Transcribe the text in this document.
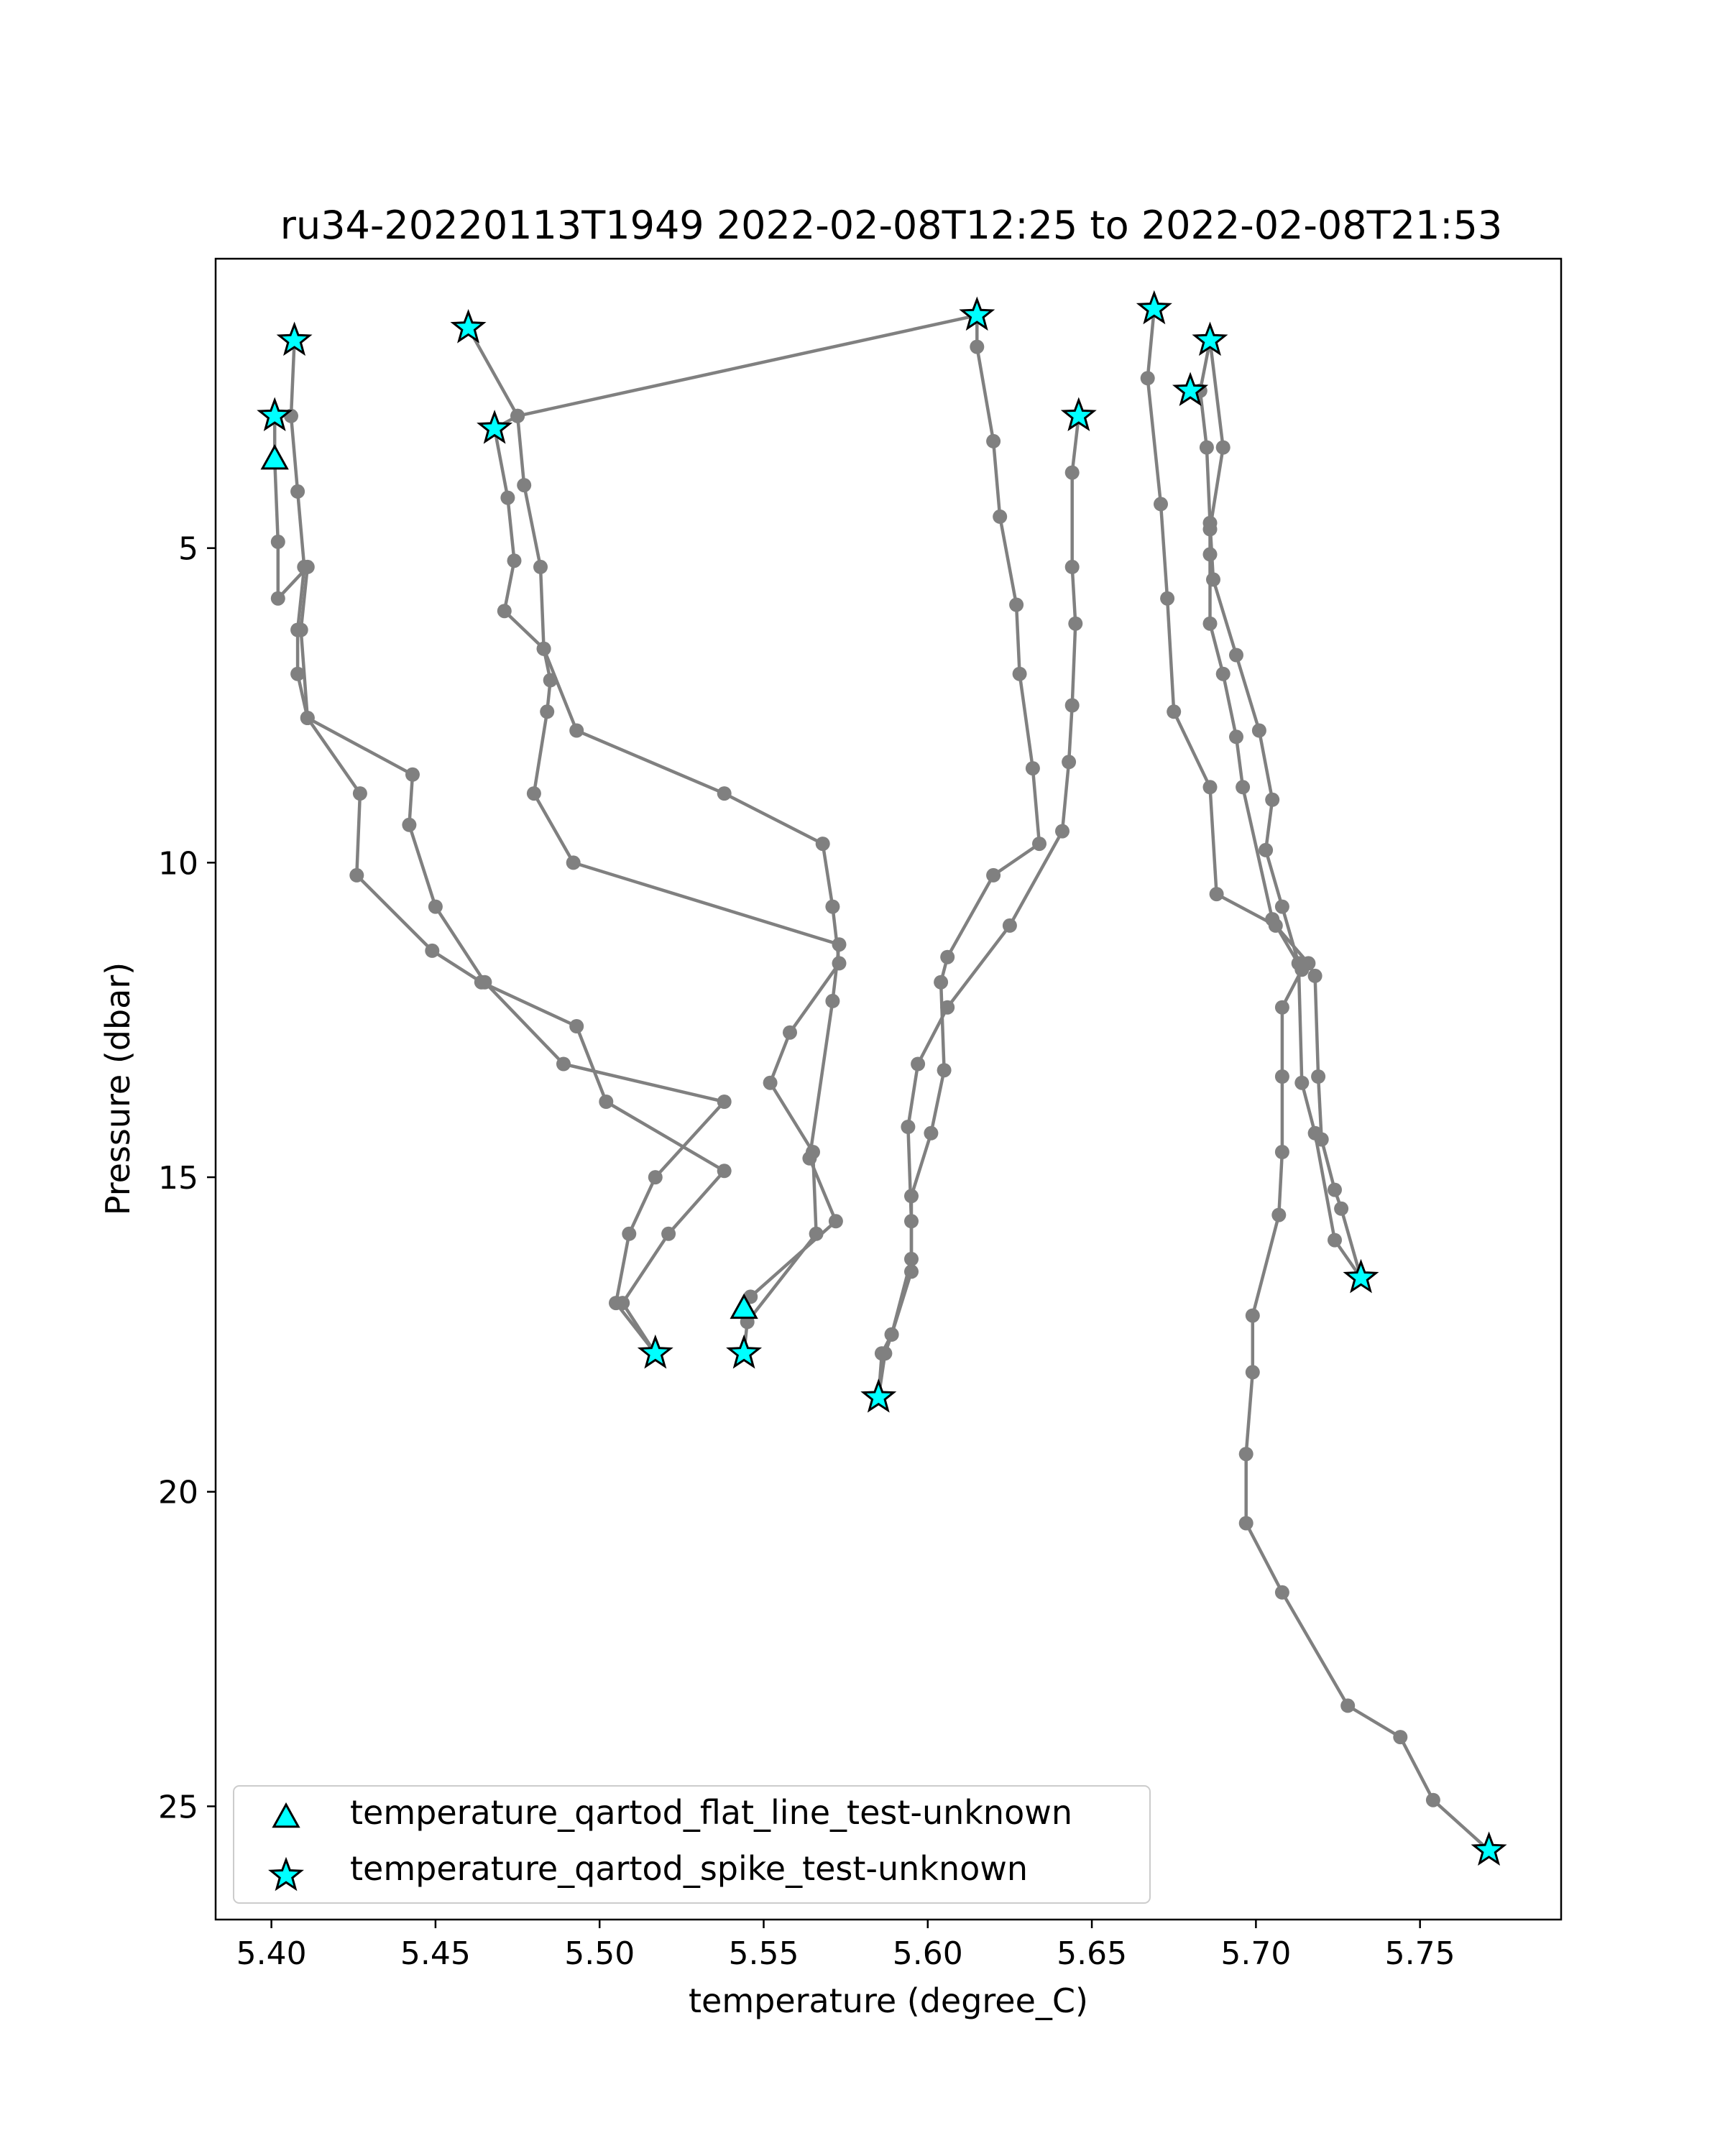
ru34-20220113T1949 2022-02-08T12:25 to 2022-02-08T21:53
5.40	5.45	5.50	5.55	5.60	5.65	5.70	5.75
5
10
15
20
25
temperature (degree_C)
Pressure (dbar)
temperature_qartod_flat_line_test-unknown
temperature_qartod_spike_test-unknown
